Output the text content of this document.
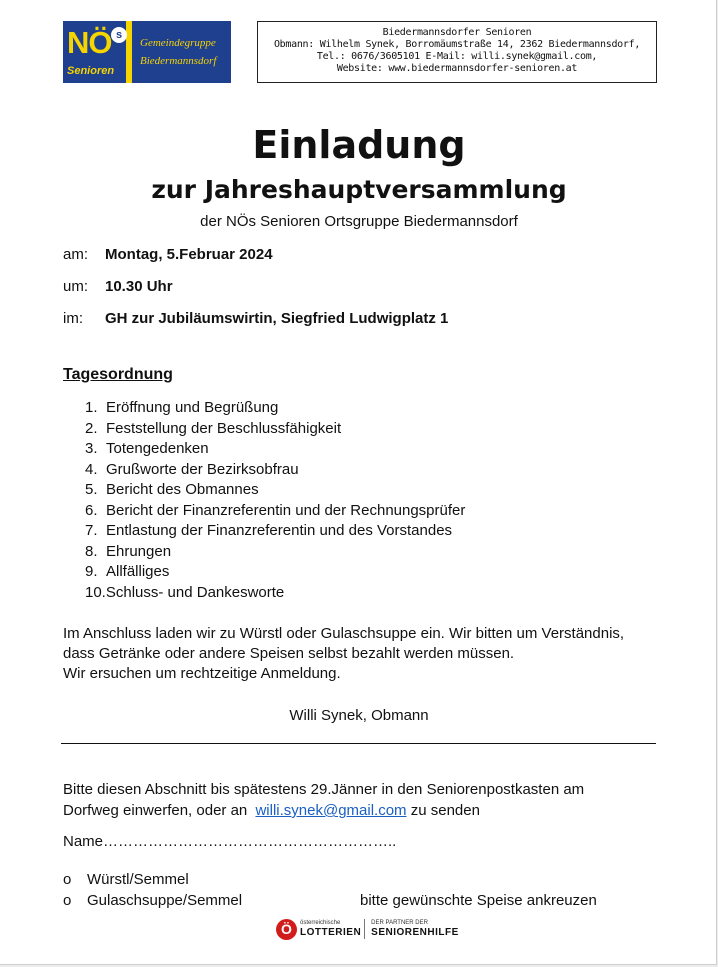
NÖ s
Senioren
Gemeindegruppe
Biedermannsdorf
Biedermannsdorfer Senioren
Obmann: Wilhelm Synek, Borromäumstraße 14, 2362 Biedermannsdorf,
Tel.: 0676/3605101 E-Mail: willi.synek@gmail.com,
Website: www.biedermannsdorfer-senioren.at
Einladung
zur Jahreshauptversammlung
der NÖs Senioren Ortsgruppe Biedermannsdorf
am: Montag, 5.Februar 2024
um: 10.30 Uhr
im: GH zur Jubiläumswirtin, Siegfried Ludwigplatz 1
Tagesordnung
1. Eröffnung und Begrüßung
2. Feststellung der Beschlussfähigkeit
3. Totengedenken
4. Grußworte der Bezirksobfrau
5. Bericht des Obmannes
6. Bericht der Finanzreferentin und der Rechnungsprüfer
7. Entlastung der Finanzreferentin und des Vorstandes
8. Ehrungen
9. Allfälliges
10.Schluss- und Dankesworte
Im Anschluss laden wir zu Würstl oder Gulaschsuppe ein. Wir bitten um Verständnis,
dass Getränke oder andere Speisen selbst bezahlt werden müssen.
Wir ersuchen um rechtzeitige Anmeldung.
Willi Synek, Obmann
Bitte diesen Abschnitt bis spätestens 29.Jänner in den Seniorenpostkasten am
Dorfweg einwerfen, oder an willi.synek@gmail.com zu senden
Name…………………………………………………..
o Würstl/Semmel
o Gulaschsuppe/Semmel	bitte gewünschte Speise ankreuzen
Ö	österreichische
LOTTERIEN
DER PARTNER DER
SENIORENHILFE
